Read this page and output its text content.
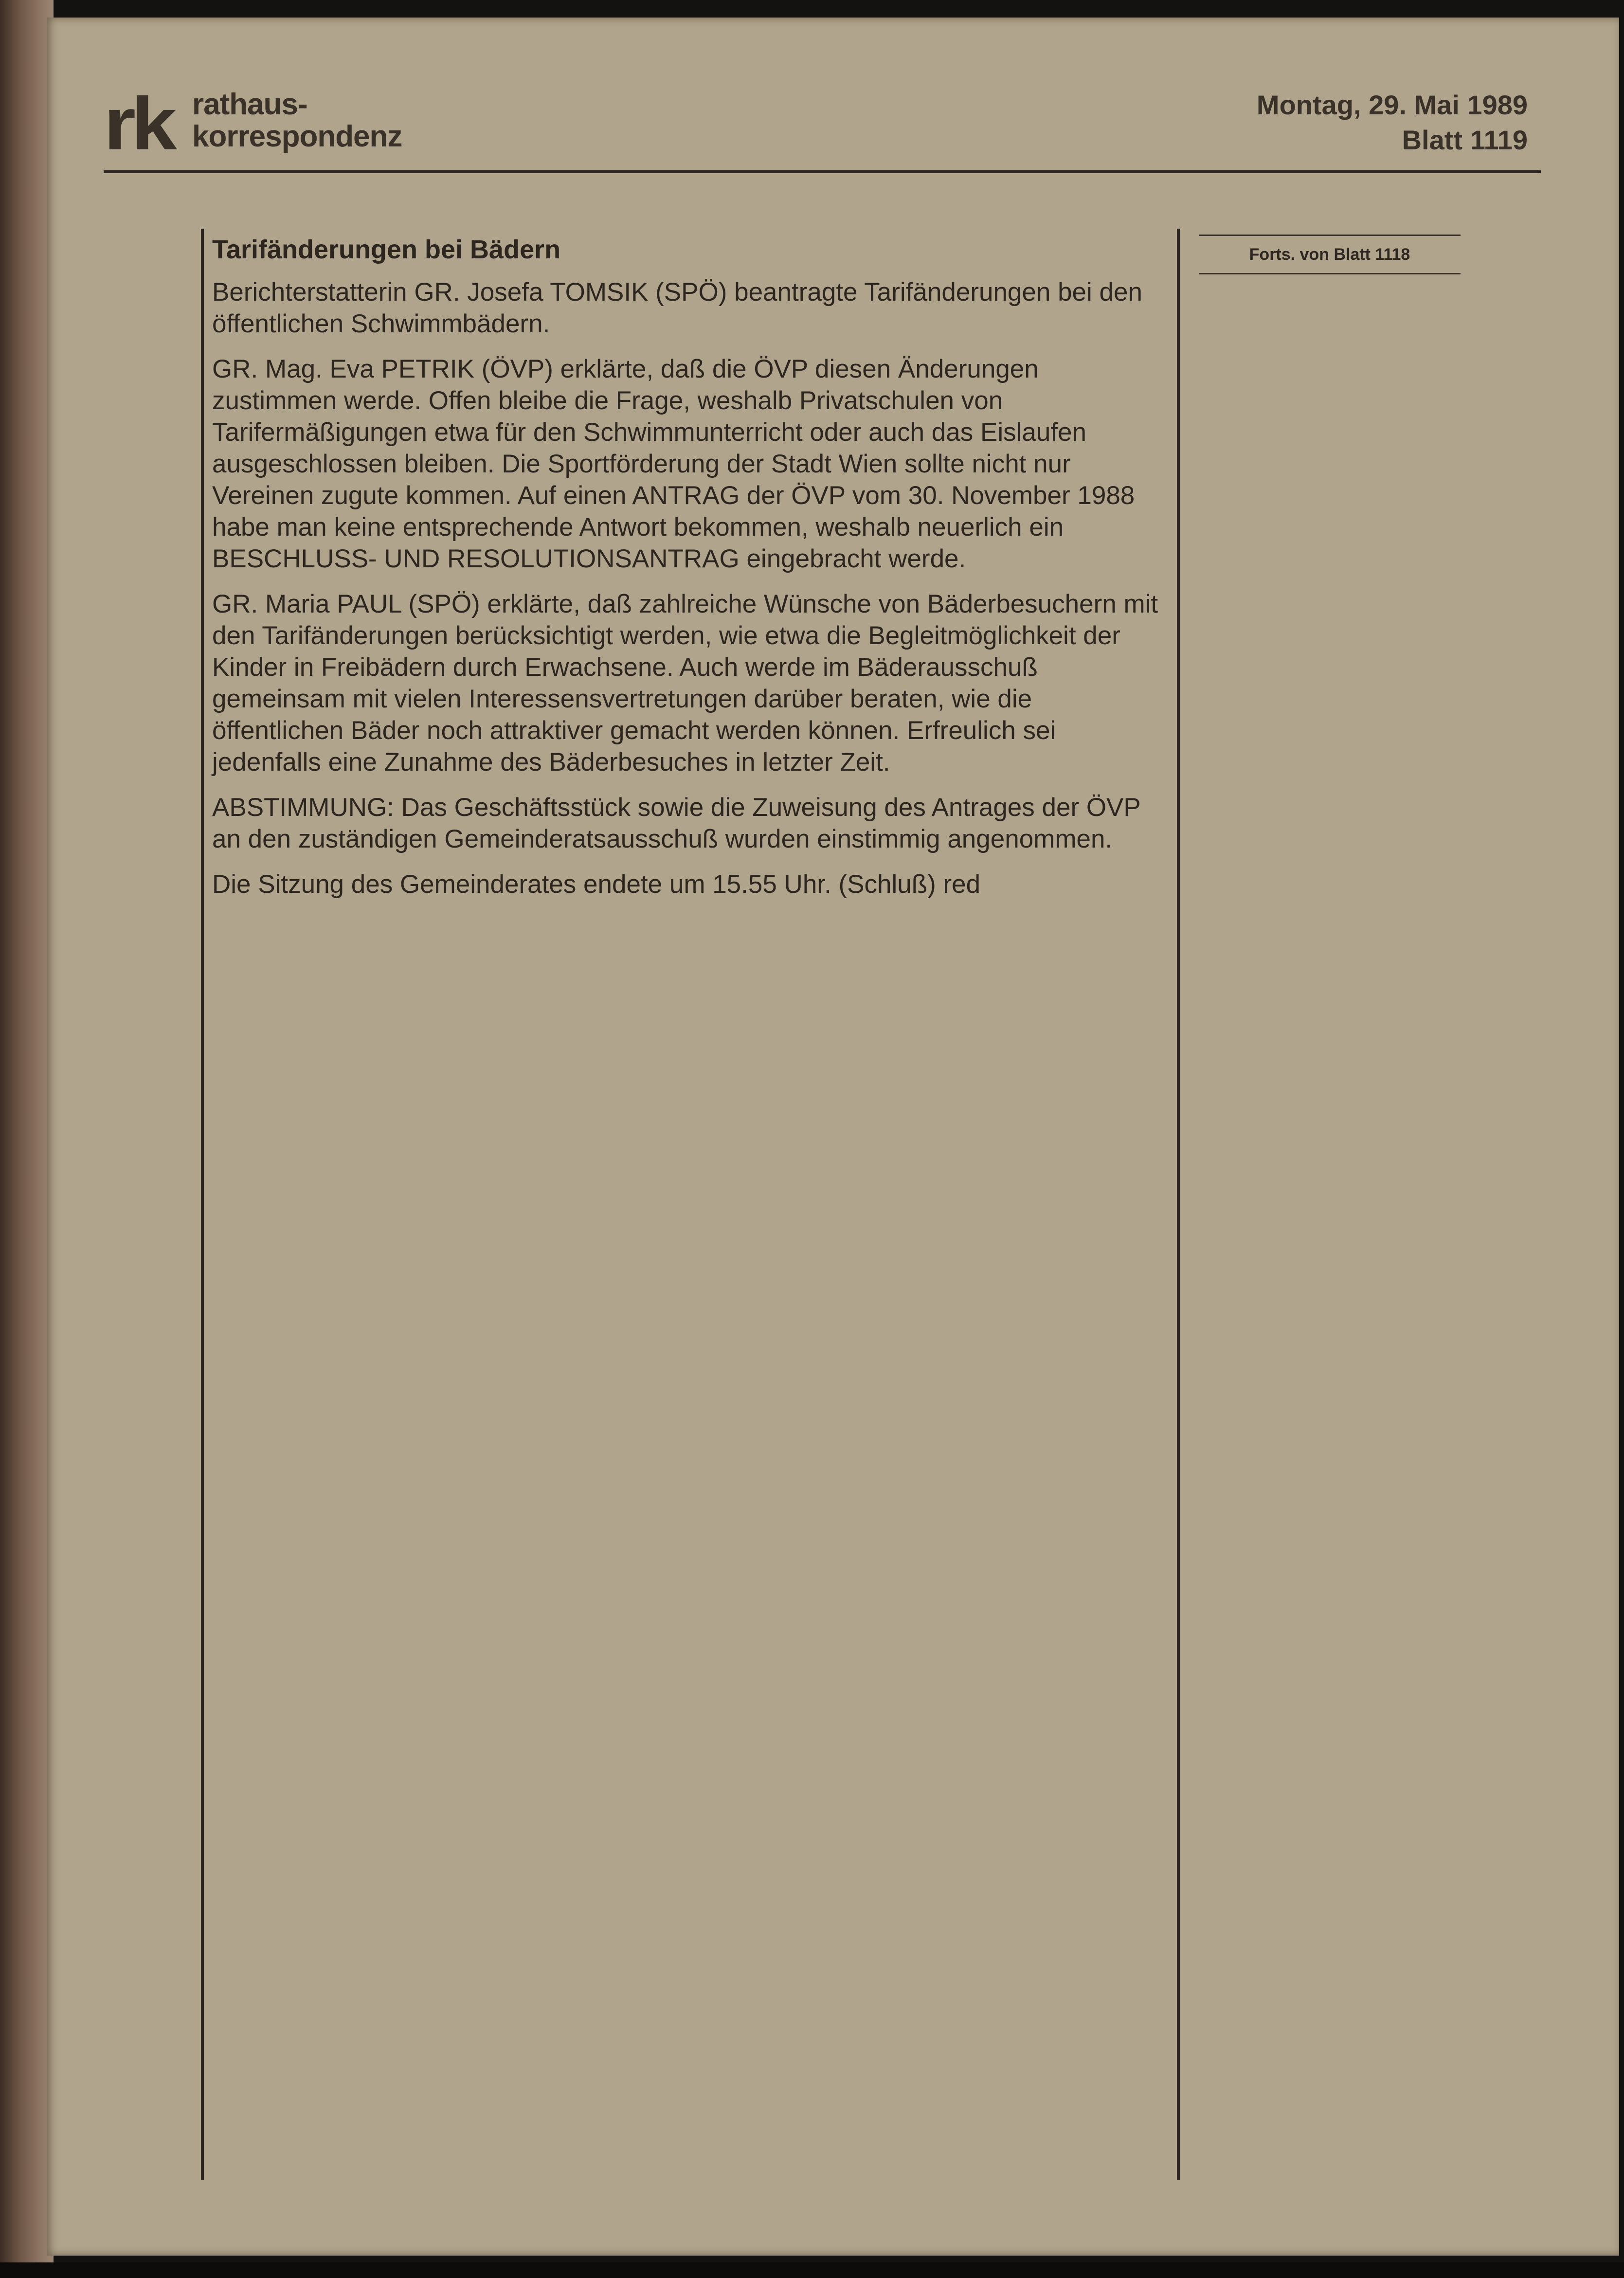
rk rathaus-
korrespondenz
Montag, 29. Mai 1989
Blatt 1119
Tarifänderungen bei Bädern

Berichterstatterin GR. Josefa TOMSIK (SPÖ) beantragte Tarifänderungen bei den öffentlichen Schwimmbädern.

GR. Mag. Eva PETRIK (ÖVP) erklärte, daß die ÖVP diesen Änderungen zustimmen werde. Offen bleibe die Frage, weshalb Privatschulen von Tarifermäßigungen etwa für den Schwimmunterricht oder auch das Eislaufen ausgeschlossen bleiben. Die Sportförderung der Stadt Wien sollte nicht nur Vereinen zugute kommen. Auf einen ANTRAG der ÖVP vom 30. November 1988 habe man keine entsprechende Antwort bekommen, weshalb neuerlich ein BESCHLUSS- UND RESOLUTIONSANTRAG eingebracht werde.

GR. Maria PAUL (SPÖ) erklärte, daß zahlreiche Wünsche von Bäderbesuchern mit den Tarifänderungen berücksichtigt werden, wie etwa die Begleitmöglichkeit der Kinder in Freibädern durch Erwachsene. Auch werde im Bäderausschuß gemeinsam mit vielen Interessensvertretungen darüber beraten, wie die öffentlichen Bäder noch attraktiver gemacht werden können. Erfreulich sei jedenfalls eine Zunahme des Bäderbesuches in letzter Zeit.

ABSTIMMUNG: Das Geschäftsstück sowie die Zuweisung des Antrages der ÖVP an den zuständigen Gemeinderatsausschuß wurden einstimmig angenommen.

Die Sitzung des Gemeinderates endete um 15.55 Uhr. (Schluß) red

Forts. von Blatt 1118
